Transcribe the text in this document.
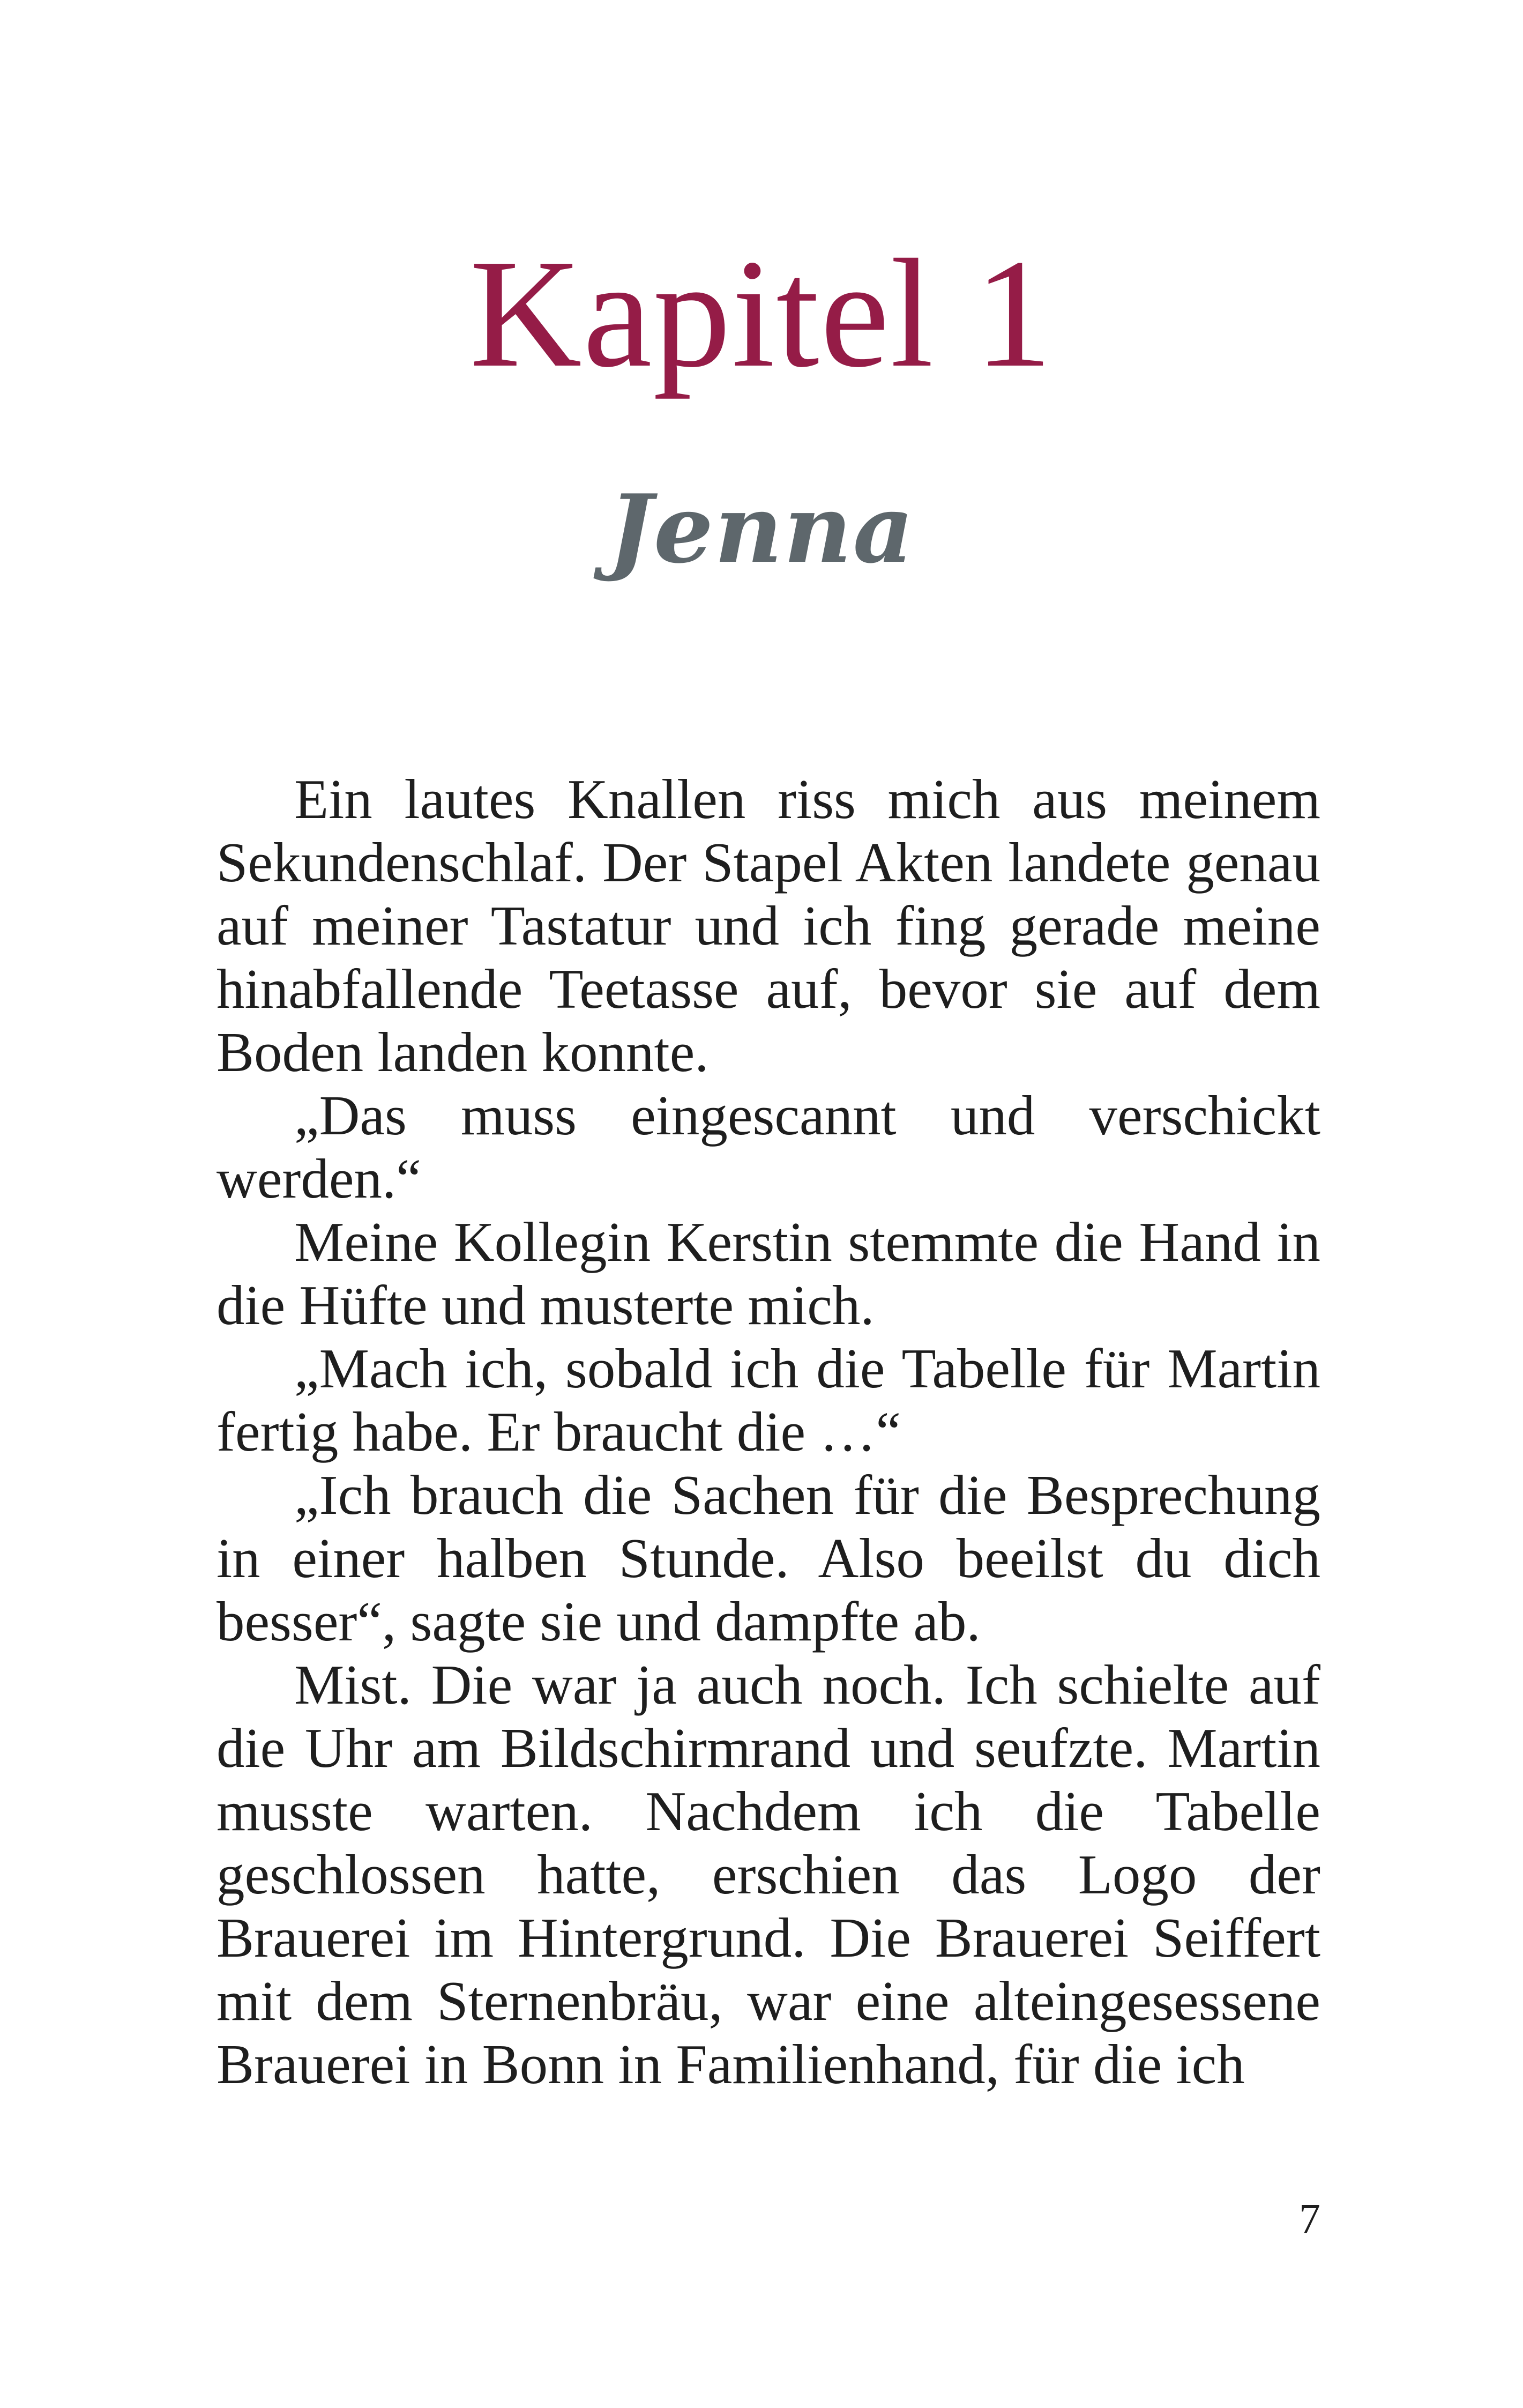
Kapitel 1
Jenna

Ein lautes Knallen riss mich aus meinem Sekundenschlaf. Der Stapel Akten landete genau auf meiner Tastatur und ich fing gerade meine hinabfallende Teetasse auf, bevor sie auf dem Boden landen konnte.

„Das muss eingescannt und verschickt werden.“

Meine Kollegin Kerstin stemmte die Hand in die Hüfte und musterte mich.

„Mach ich, sobald ich die Tabelle für Martin fertig habe. Er braucht die …“

„Ich brauch die Sachen für die Besprechung in einer halben Stunde. Also beeilst du dich besser“, sagte sie und dampfte ab.

Mist. Die war ja auch noch. Ich schielte auf die Uhr am Bildschirmrand und seufzte. Martin musste warten. Nachdem ich die Tabelle geschlossen hatte, erschien das Logo der Brauerei im Hintergrund. Die Brauerei Seiffert mit dem Sternenbräu, war eine alteingesessene Brauerei in Bonn in Familienhand, für die ich

7
